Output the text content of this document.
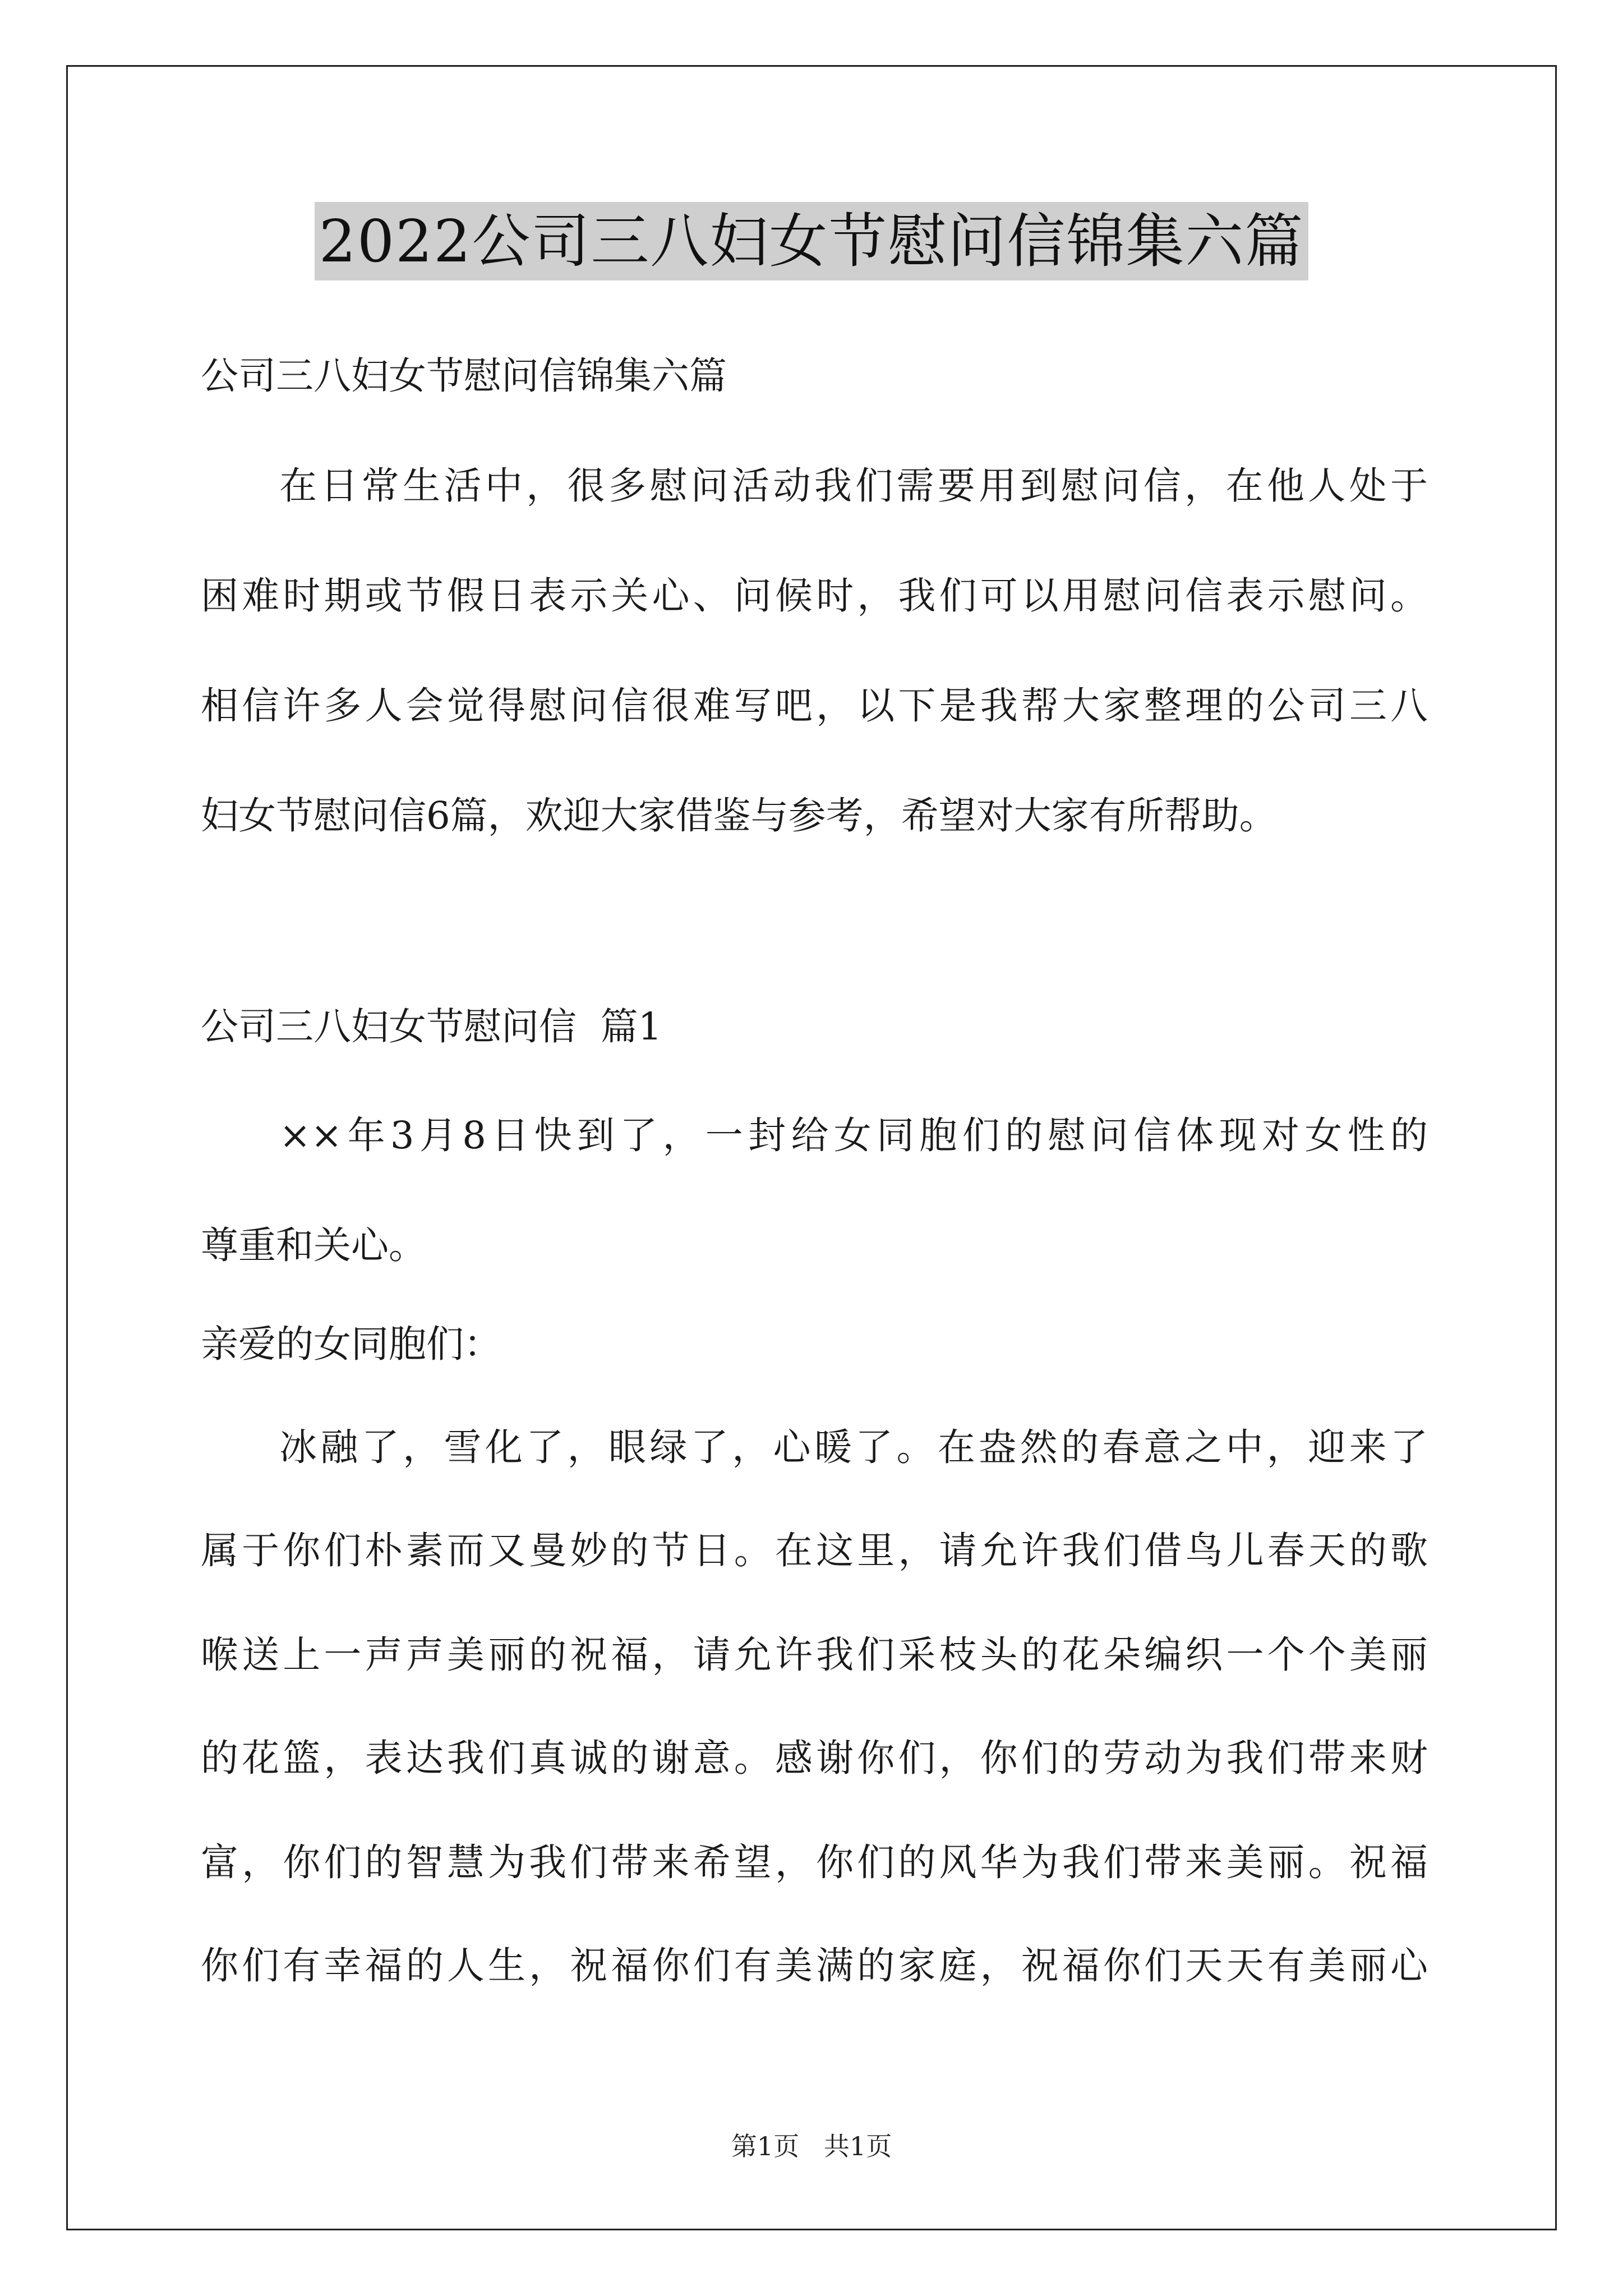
2022公司三八妇女节慰问信锦集六篇
公司三八妇女节慰问信锦集六篇
在日常生活中，很多慰问活动我们需要用到慰问信，在他人处于
困难时期或节假日表示关心、问候时，我们可以用慰问信表示慰问。
相信许多人会觉得慰问信很难写吧，以下是我帮大家整理的公司三八
妇女节慰问信6篇，欢迎大家借鉴与参考，希望对大家有所帮助。
公司三八妇女节慰问信  篇1
××年3月8日快到了，一封给女同胞们的慰问信体现对女性的
尊重和关心。
亲爱的女同胞们：
冰融了，雪化了，眼绿了，心暖了。在盎然的春意之中，迎来了
属于你们朴素而又曼妙的节日。在这里，请允许我们借鸟儿春天的歌
喉送上一声声美丽的祝福，请允许我们采枝头的花朵编织一个个美丽
的花篮，表达我们真诚的谢意。感谢你们，你们的劳动为我们带来财
富，你们的智慧为我们带来希望，你们的风华为我们带来美丽。祝福
你们有幸福的人生，祝福你们有美满的家庭，祝福你们天天有美丽心
第1页   共1页
